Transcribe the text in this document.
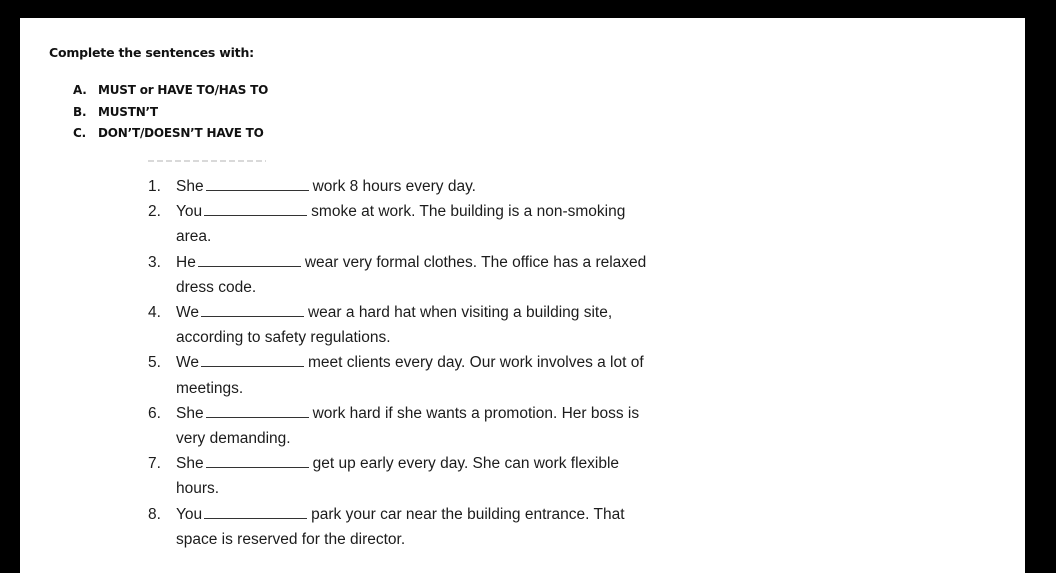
Complete the sentences with:
A. MUST or HAVE TO/HAS TO
B. MUSTN’T
C. DON’T/DOESN’T HAVE TO
1. She	work 8 hours every day.
2. You	smoke at work. The building is a non-smoking
area.
3. He	wear very formal clothes. The office has a relaxed
dress code.
4. We	wear a hard hat when visiting a building site,
according to safety regulations.
5. We	meet clients every day. Our work involves a lot of
meetings.
6. She	work hard if she wants a promotion. Her boss is
very demanding.
7. She	get up early every day. She can work flexible
hours.
8. You	park your car near the building entrance. That
space is reserved for the director.
